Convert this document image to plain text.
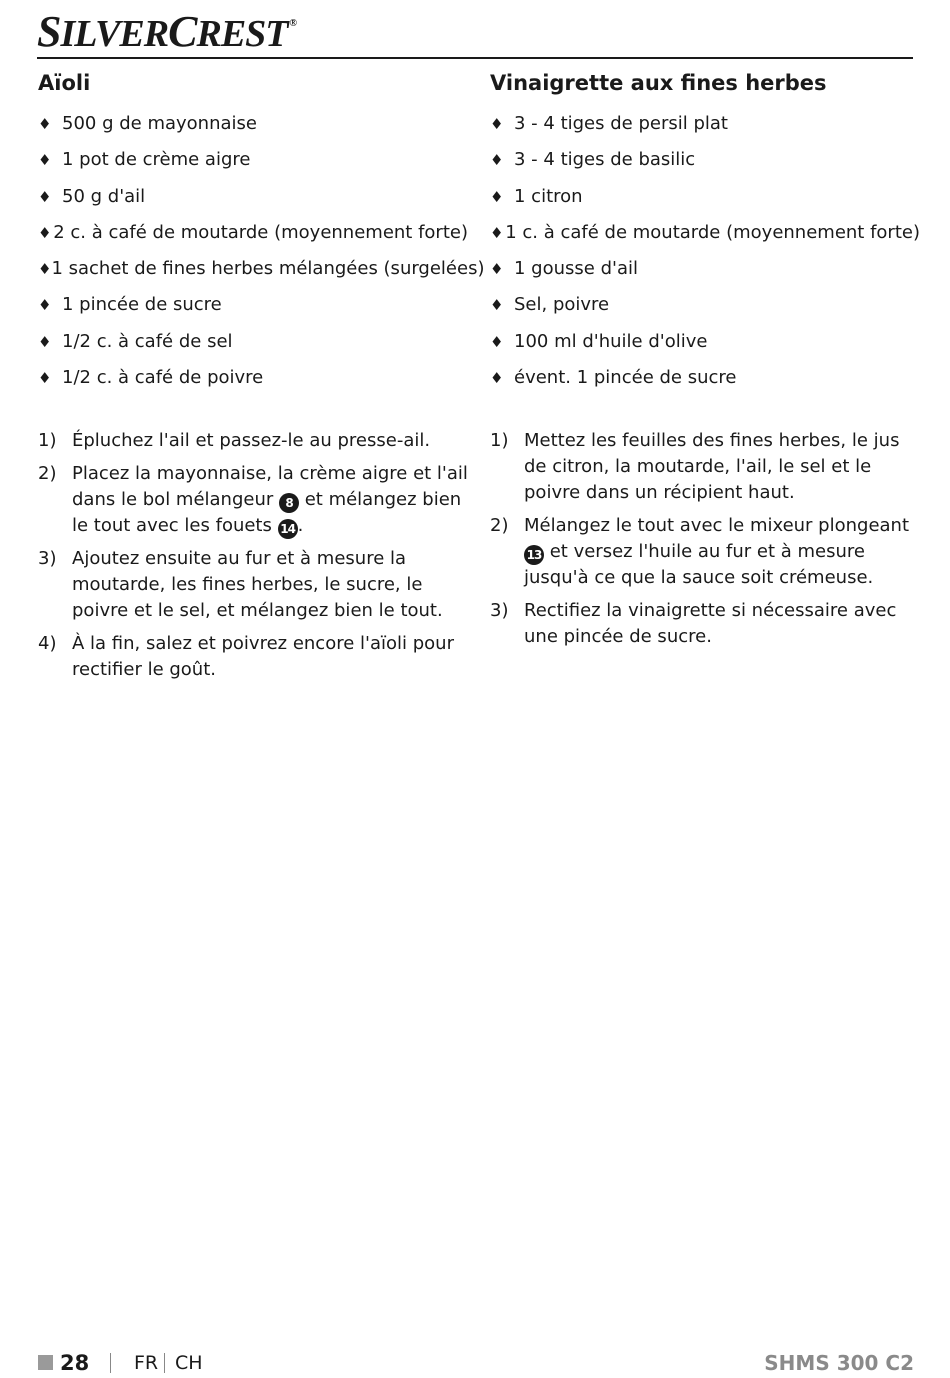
SILVERCREST ®
Aïoli
♦ 500 g de mayonnaise
♦ 1 pot de crème aigre
♦ 50 g d'ail
♦ 2 c. à café de moutarde (moyennement forte)
♦ 1 sachet de fines herbes mélangées (surgelées)
♦ 1 pincée de sucre
♦ 1/2 c. à café de sel
♦ 1/2 c. à café de poivre
1) Épluchez l'ail et passez-le au presse-ail.
2) Placez la mayonnaise, la crème aigre et l'ail dans le bol mélangeur 8 et mélangez bien le tout avec les fouets 14 .
3) Ajoutez ensuite au fur et à mesure la moutarde, les fines herbes, le sucre, le poivre et le sel, et mélangez bien le tout.
4) À la fin, salez et poivrez encore l'aïoli pour rectifier le goût.
Vinaigrette aux fines herbes
♦ 3 - 4 tiges de persil plat
♦ 3 - 4 tiges de basilic
♦ 1 citron
♦ 1 c. à café de moutarde (moyennement forte)
♦ 1 gousse d'ail
♦ Sel, poivre
♦ 100 ml d'huile d'olive
♦ évent. 1 pincée de sucre
1) Mettez les feuilles des fines herbes, le jus de citron, la moutarde, l'ail, le sel et le poivre dans un récipient haut.
2) Mélangez le tout avec le mixeur plongeant 13 et versez l'huile au fur et à mesure jusqu'à ce que la sauce soit crémeuse.
3) Rectifiez la vinaigrette si nécessaire avec une pincée de sucre.
28 FR CH	SHMS 300 C2
